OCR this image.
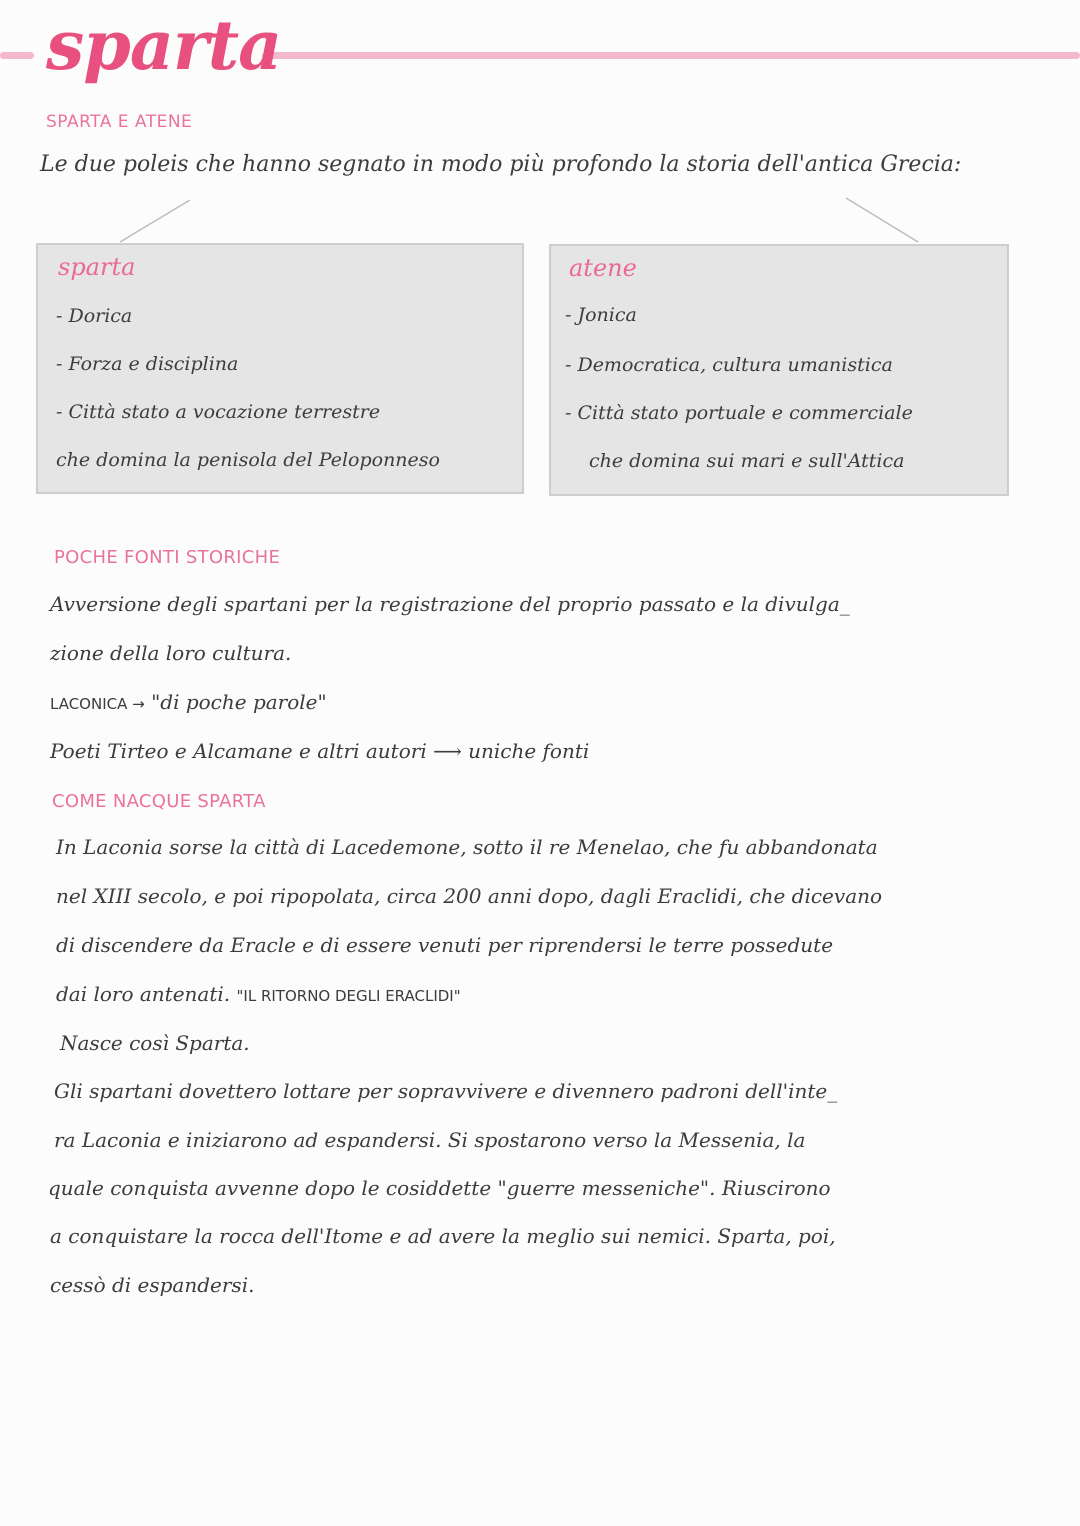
sparta
SPARTA E ATENE
Le due poleis che hanno segnato in modo più profondo la storia dell'antica Grecia:
sparta
- Dorica
- Forza e disciplina
- Città stato a vocazione terrestre
che domina la penisola del Peloponneso
atene
- Jonica
- Democratica, cultura umanistica
- Città stato portuale e commerciale
che domina sui mari e sull'Attica
POCHE FONTI STORICHE
Avversione degli spartani per la registrazione del proprio passato e la divulga_
zione della loro cultura.
LACONICA → "di poche parole"
Poeti Tirteo e Alcamane e altri autori ⟶ uniche fonti
COME NACQUE SPARTA
In Laconia sorse la città di Lacedemone, sotto il re Menelao, che fu abbandonata
nel XIII secolo, e poi ripopolata, circa 200 anni dopo, dagli Eraclidi, che dicevano
di discendere da Eracle e di essere venuti per riprendersi le terre possedute
dai loro antenati. "IL RITORNO DEGLI ERACLIDI"
Nasce così Sparta.
Gli spartani dovettero lottare per sopravvivere e divennero padroni dell'inte_
ra Laconia e iniziarono ad espandersi. Si spostarono verso la Messenia, la
quale conquista avvenne dopo le cosiddette "guerre messeniche". Riuscirono
a conquistare la rocca dell'Itome e ad avere la meglio sui nemici. Sparta, poi,
cessò di espandersi.
